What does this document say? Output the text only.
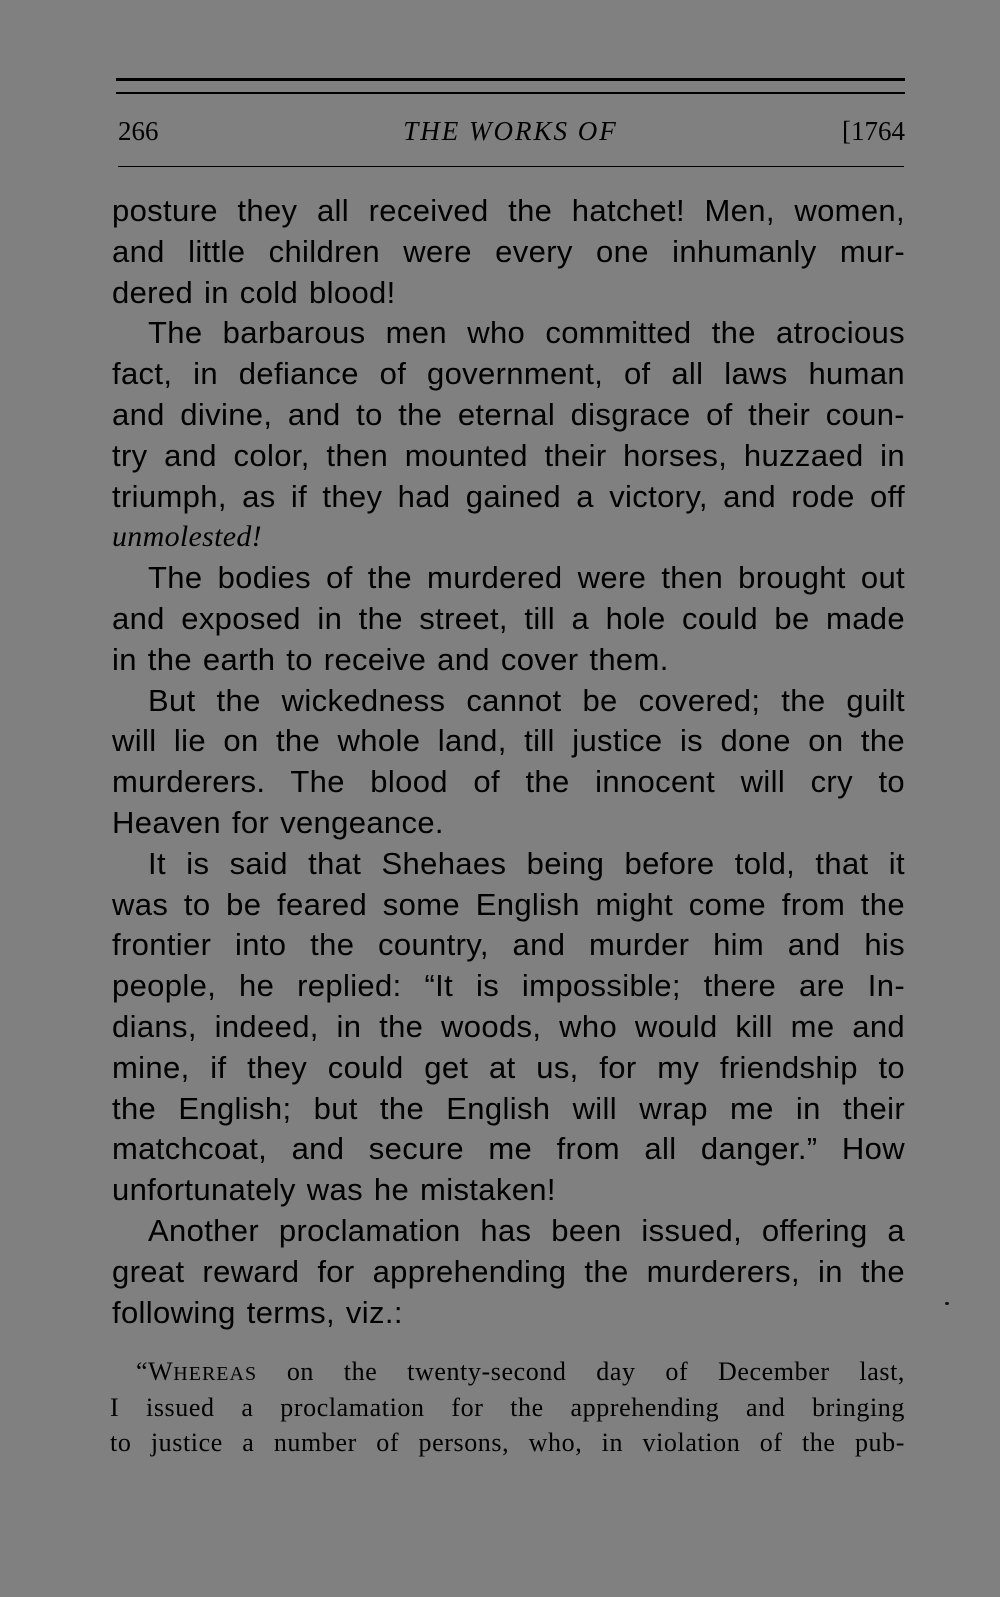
266	THE WORKS OF	[1764
posture they all received the hatchet! Men, women,
and little children were every one inhumanly mur-
dered in cold blood!
The barbarous men who committed the atrocious
fact, in defiance of government, of all laws human
and divine, and to the eternal disgrace of their coun-
try and color, then mounted their horses, huzzaed in
triumph, as if they had gained a victory, and rode off
unmolested!
The bodies of the murdered were then brought out
and exposed in the street, till a hole could be made
in the earth to receive and cover them.
But the wickedness cannot be covered; the guilt
will lie on the whole land, till justice is done on the
murderers. The blood of the innocent will cry to
Heaven for vengeance.
It is said that Shehaes being before told, that it
was to be feared some English might come from the
frontier into the country, and murder him and his
people, he replied: “It is impossible; there are In-
dians, indeed, in the woods, who would kill me and
mine, if they could get at us, for my friendship to
the English; but the English will wrap me in their
matchcoat, and secure me from all danger.” How
unfortunately was he mistaken!
Another proclamation has been issued, offering a
great reward for apprehending the murderers, in the
following terms, viz.:
“WHEREAS on the twenty-second day of December last,
I issued a proclamation for the apprehending and bringing
to justice a number of persons, who, in violation of the pub-
